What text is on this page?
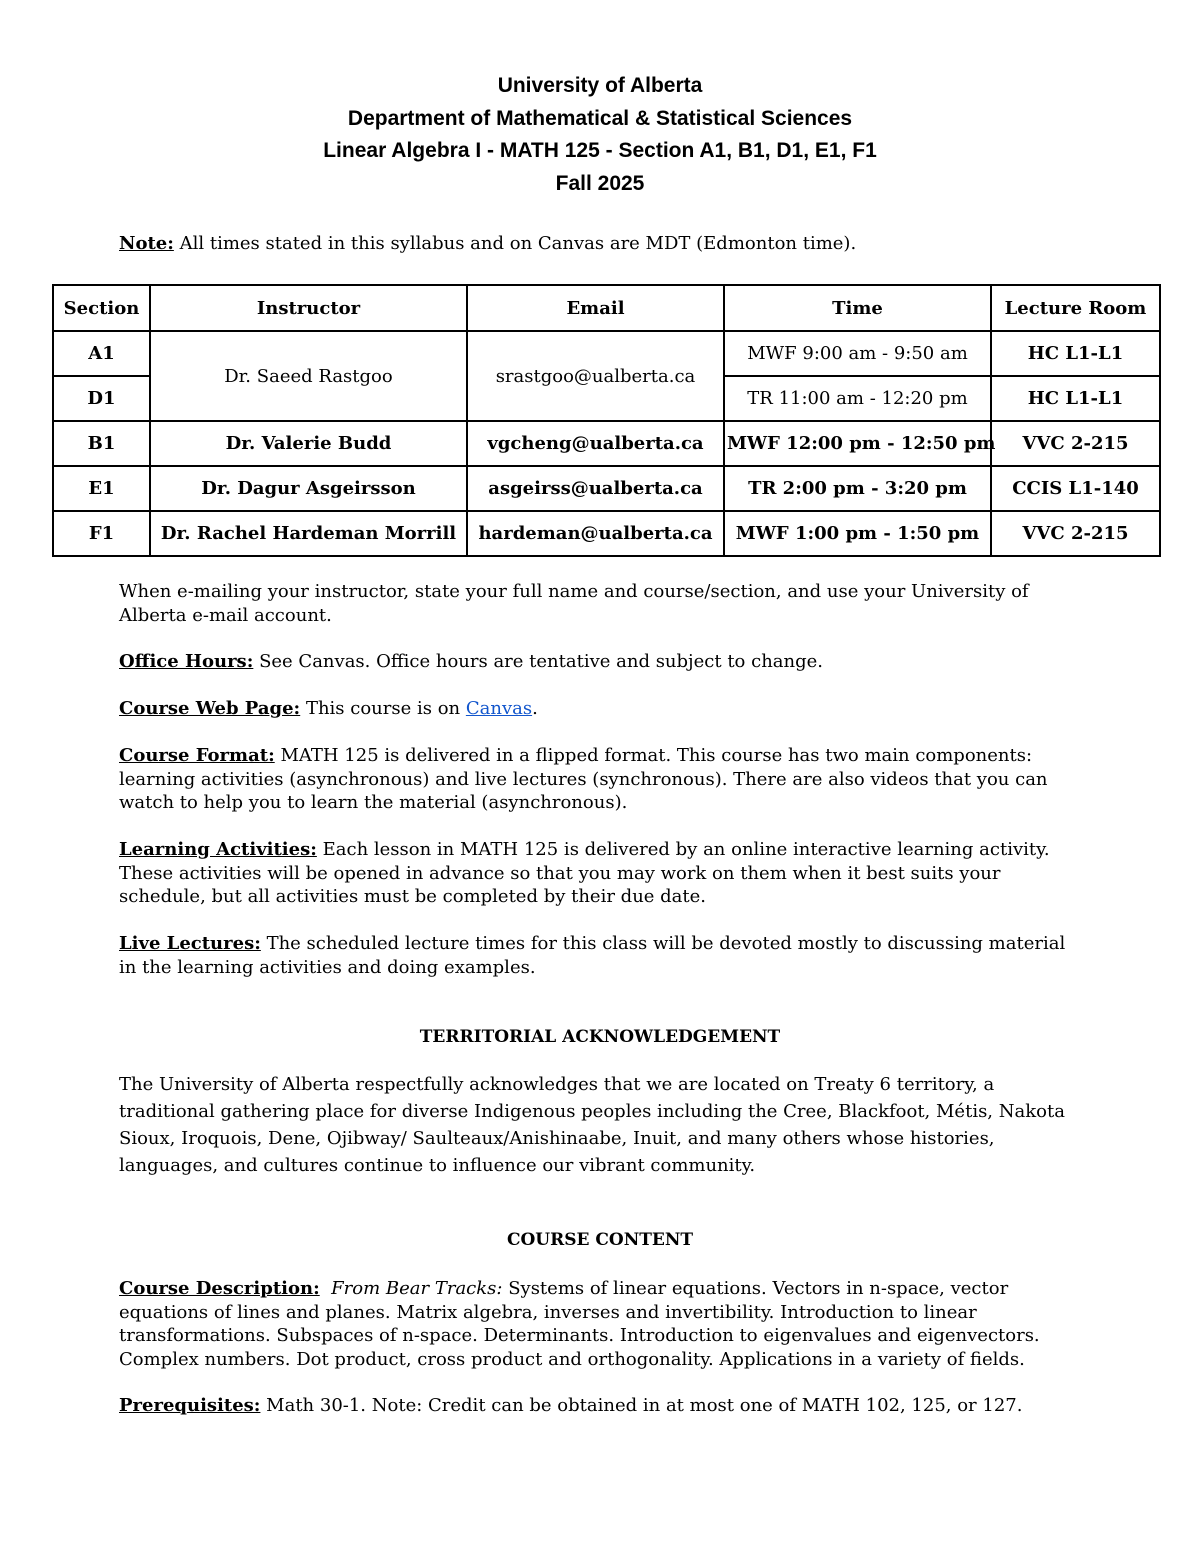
University of Alberta
Department of Mathematical & Statistical Sciences
Linear Algebra I - MATH 125 - Section A1, B1, D1, E1, F1
Fall 2025
Note: All times stated in this syllabus and on Canvas are MDT (Edmonton time).
Section	Instructor	Email	Time	Lecture Room
A1	Dr. Saeed Rastgoo	srastgoo@ualberta.ca	MWF 9:00 am - 9:50 am	HC L1-L1
D1			TR 11:00 am - 12:20 pm	HC L1-L1
B1	Dr. Valerie Budd	vgcheng@ualberta.ca	MWF 12:00 pm - 12:50 pm	VVC 2-215
E1	Dr. Dagur Asgeirsson	asgeirss@ualberta.ca	TR 2:00 pm - 3:20 pm	CCIS L1-140
F1	Dr. Rachel Hardeman Morrill	hardeman@ualberta.ca	MWF 1:00 pm - 1:50 pm	VVC 2-215

When e-mailing your instructor, state your full name and course/section, and use your University of Alberta e-mail account.

Office Hours: See Canvas. Office hours are tentative and subject to change.
Course Web Page: This course is on Canvas.
Course Format: MATH 125 is delivered in a flipped format. This course has two main components: learning activities (asynchronous) and live lectures (synchronous). There are also videos that you can watch to help you to learn the material (asynchronous).
Learning Activities: Each lesson in MATH 125 is delivered by an online interactive learning activity. These activities will be opened in advance so that you may work on them when it best suits your schedule, but all activities must be completed by their due date.
Live Lectures: The scheduled lecture times for this class will be devoted mostly to discussing material in the learning activities and doing examples.
TERRITORIAL ACKNOWLEDGEMENT
The University of Alberta respectfully acknowledges that we are located on Treaty 6 territory, a traditional gathering place for diverse Indigenous peoples including the Cree, Blackfoot, Métis, Nakota Sioux, Iroquois, Dene, Ojibway/ Saulteaux/Anishinaabe, Inuit, and many others whose histories, languages, and cultures continue to influence our vibrant community.
COURSE CONTENT
Course Description: From Bear Tracks: Systems of linear equations. Vectors in n-space, vector equations of lines and planes. Matrix algebra, inverses and invertibility. Introduction to linear transformations. Subspaces of n-space. Determinants. Introduction to eigenvalues and eigenvectors. Complex numbers. Dot product, cross product and orthogonality. Applications in a variety of fields.
Prerequisites: Math 30-1. Note: Credit can be obtained in at most one of MATH 102, 125, or 127.
